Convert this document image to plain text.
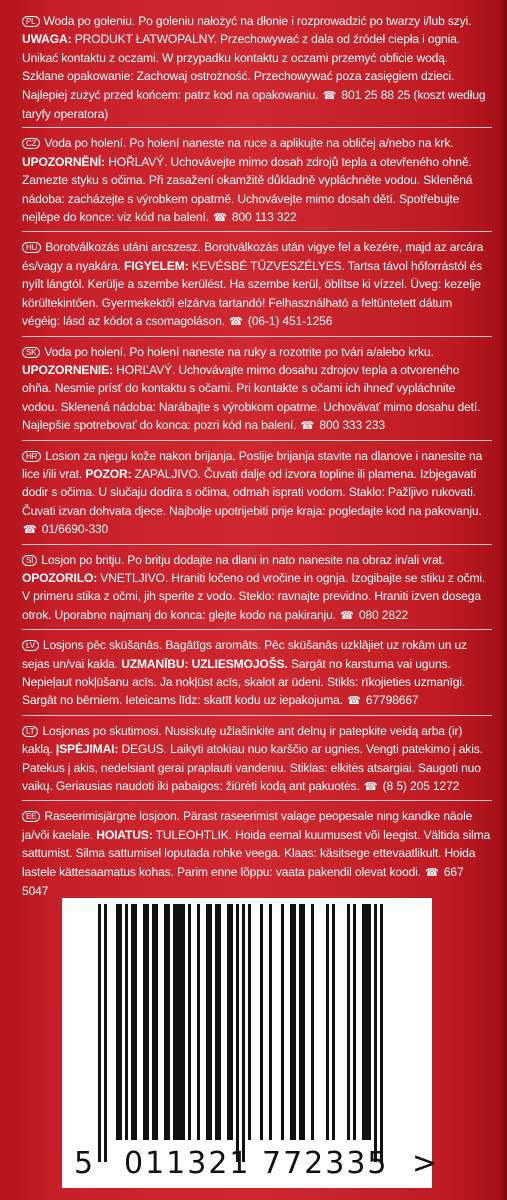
PL Woda po goleniu. Po goleniu nałożyć na dłonie i rozprowadzić po twarzy i/lub szyi. UWAGA: PRODUKT ŁATWOPALNY. Przechowywać z dala od źródeł ciepła i ognia. Unikać kontaktu z oczami. W przypadku kontaktu z oczami przemyć obficie wodą. Szklane opakowanie: Zachowaj ostrożność. Przechowywać poza zasięgiem dzieci. Najlepiej zużyć przed końcem: patrz kod na opakowaniu. ☎ 801 25 88 25 (koszt według taryfy operatora)
CZ Voda po holení. Po holení naneste na ruce a aplikujte na obličej a/nebo na krk. UPOZORNĚNÍ: HOŘLAVÝ. Uchovávejte mimo dosah zdrojů tepla a otevřeného ohně. Zamezte styku s očima. Při zasažení okamžitě důkladně vypláchněte vodou. Skleněná nádoba: zacházejte s výrobkem opatrně. Uchovávejte mimo dosah dětí. Spotřebujte nejlépe do konce: viz kód na balení. ☎ 800 113 322
HU Borotválkozás utáni arcszesz. Borotválkozás után vigye fel a kezére, majd az arcára és/vagy a nyakára. FIGYELEM: KEVÉSBÉ TŰZVESZÉLYES. Tartsa távol hőforrástól és nyílt lángtól. Kerülje a szembe kerülést. Ha szembe kerül, öblítse ki vízzel. Üveg: kezelje körültekintően. Gyermekektől elzárva tartandó! Felhasználható a feltüntetett dátum végéig: lásd az kódot a csomagoláson. ☎ (06-1) 451-1256
SK Voda po holení. Po holení naneste na ruky a rozotrite po tvári a/alebo krku. UPOZORNENIE: HORĽAVÝ. Uchovávajte mimo dosahu zdrojov tepla a otvoreného ohňa. Nesmie prísť do kontaktu s očami. Pri kontakte s očami ich ihneď vypláchnite vodou. Sklenená nádoba: Narábajte s výrobkom opatrne. Uchovávať mimo dosahu detí. Najlepšie spotrebovať do konca: pozri kód na balení. ☎ 800 333 233
HR Losion za njegu kože nakon brijanja. Poslije brijanja stavite na dlanove i nanesite na lice i/ili vrat. POZOR: ZAPALJIVO. Čuvati dalje od izvora topline ili plamena. Izbjegavati dodir s očima. U slučaju dodira s očima, odmah isprati vodom. Staklo: Pažljivo rukovati. Čuvati izvan dohvata djece. Najbolje upotrijebiti prije kraja: pogledajte kod na pakovanju. ☎ 01/6690-330
SI Losjon po britju. Po britju dodajte na dlani in nato nanesite na obraz in/ali vrat. OPOZORILO: VNETLJIVO. Hraniti ločeno od vročine in ognja. Izogibajte se stiku z očmi. V primeru stika z očmi, jih sperite z vodo. Steklo: ravnajte previdno. Hraniti izven dosega otrok. Uporabno najmanj do konca: glejte kodo na pakiranju. ☎ 080 2822
LV Losjons pēc skūšanās. Bagātīgs aromāts. Pēc skūšanās uzklājiet uz rokām un uz sejas un/vai kakla. UZMANĪBU: UZLIESMOJOŠS. Sargāt no karstuma vai uguns. Nepieļaut nokļūšanu acīs. Ja nokļūst acīs, skalot ar ūdeni. Stikls: rīkojieties uzmanīgi. Sargāt no bērniem. Ieteicams līdz: skatīt kodu uz iepakojuma. ☎ 67798667
LT Losjonas po skutimosi. Nusiskutę užlašinkite ant delnų ir patepkite veidą arba (ir) kaklą. ĮSPĖJIMAI: DEGUS. Laikyti atokiau nuo karščio ar ugnies. Vengti patekimo į akis. Patekus į akis, nedelsiant gerai praplauti vandeniu. Stiklas: elkitės atsargiai. Saugoti nuo vaikų. Geriausias naudoti iki pabaigos: žiūrėti kodą ant pakuotės. ☎ (8 5) 205 1272
EE Raseerimisjärgne losjoon. Pärast raseerimist valage peopesale ning kandke näole ja/või kaelale. HOIATUS: TULEOHTLIK. Hoida eemal kuumusest või leegist. Vältida silma sattumist. Silma sattumisel loputada rohke veega. Klaas: käsitsege ettevaatlikult. Hoida lastele kättesaamatus kohas. Parim enne lõppu: vaata pakendil olevat koodi. ☎ 667 5047
5 011321 772335 >
